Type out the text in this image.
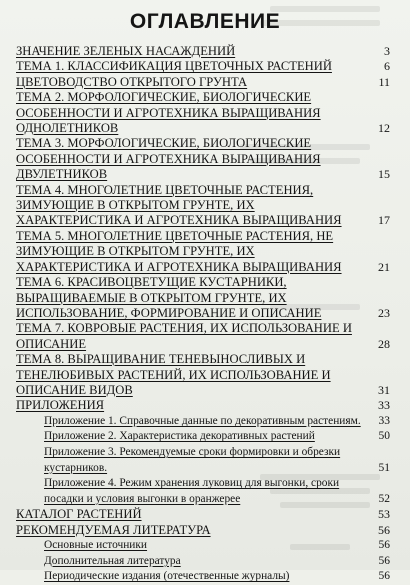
ОГЛАВЛЕНИЕ
ЗНАЧЕНИЕ ЗЕЛЕНЫХ НАСАЖДЕНИЙ	3
ТЕМА 1. КЛАССИФИКАЦИЯ ЦВЕТОЧНЫХ РАСТЕНИЙ	6
ЦВЕТОВОДСТВО ОТКРЫТОГО ГРУНТА	11
ТЕМА 2. МОРФОЛОГИЧЕСКИЕ, БИОЛОГИЧЕСКИЕ ОСОБЕННОСТИ И АГРОТЕХНИКА ВЫРАЩИВАНИЯ ОДНОЛЕТНИКОВ	12
ТЕМА 3. МОРФОЛОГИЧЕСКИЕ, БИОЛОГИЧЕСКИЕ ОСОБЕННОСТИ И АГРОТЕХНИКА ВЫРАЩИВАНИЯ ДВУЛЕТНИКОВ	15
ТЕМА 4. МНОГОЛЕТНИЕ ЦВЕТОЧНЫЕ РАСТЕНИЯ, ЗИМУЮЩИЕ В ОТКРЫТОМ ГРУНТЕ, ИХ ХАРАКТЕРИСТИКА И АГРОТЕХНИКА ВЫРАЩИВАНИЯ	17
ТЕМА 5. МНОГОЛЕТНИЕ ЦВЕТОЧНЫЕ РАСТЕНИЯ, НЕ ЗИМУЮЩИЕ В ОТКРЫТОМ ГРУНТЕ, ИХ ХАРАКТЕРИСТИКА И АГРОТЕХНИКА ВЫРАЩИВАНИЯ	21
ТЕМА 6. КРАСИВОЦВЕТУЩИЕ КУСТАРНИКИ, ВЫРАЩИВАЕМЫЕ В ОТКРЫТОМ ГРУНТЕ, ИХ ИСПОЛЬЗОВАНИЕ, ФОРМИРОВАНИЕ И ОПИСАНИЕ	23
ТЕМА 7. КОВРОВЫЕ РАСТЕНИЯ, ИХ ИСПОЛЬЗОВАНИЕ И ОПИСАНИЕ	28
ТЕМА 8. ВЫРАЩИВАНИЕ ТЕНЕВЫНОСЛИВЫХ И ТЕНЕЛЮБИВЫХ РАСТЕНИЙ, ИХ ИСПОЛЬЗОВАНИЕ И ОПИСАНИЕ ВИДОВ	31
ПРИЛОЖЕНИЯ	33
Приложение 1. Справочные данные по декоративным растениям. 33
Приложение 2. Характеристика декоративных растений	50
Приложение 3. Рекомендуемые сроки формировки и обрезки кустарников.	51
Приложение 4. Режим хранения луковиц для выгонки, сроки посадки и условия выгонки в оранжерее	52
КАТАЛОГ РАСТЕНИЙ	53
РЕКОМЕНДУЕМАЯ ЛИТЕРАТУРА	56
Основные источники	56
Дополнительная литература	56
Периодические издания (отечественные журналы)	56
